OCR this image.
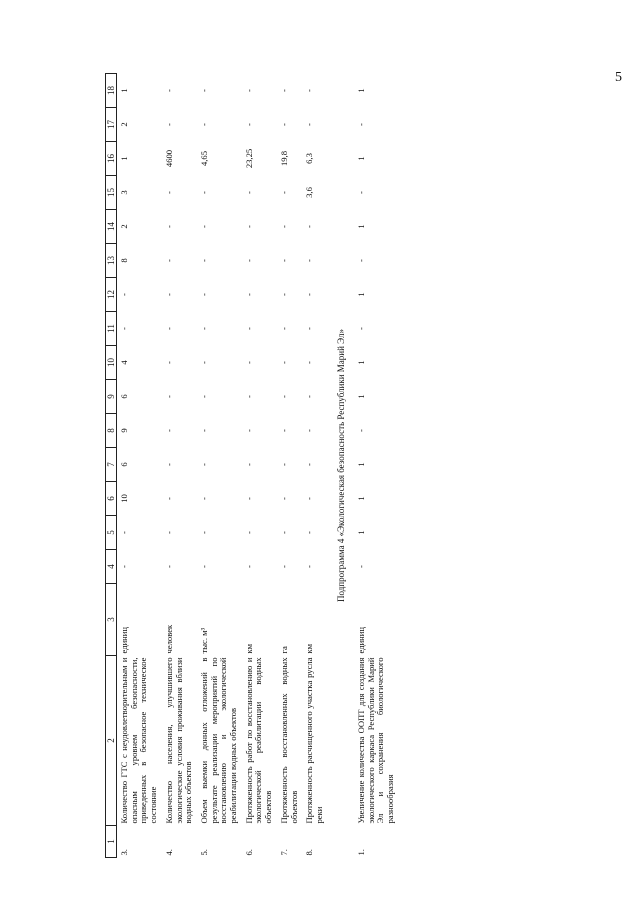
5
1	2	3	4	5	6	7	8	9	10	11	12	13	14	15	16	17	18
3.	Количество ГТС с неудовлетворительным и опасным уровнем безопасности, приведенных в безопасное техническое состояние	единиц	-	-	10	6	9	6	4	-	-	8	2	3	1	2	1
4.	Количество населения, улучшившего экологические условия проживания вблизи водных объектов	человек	-	-	-	-	-	-	-	-	-	-	-	-	4600	-	-
5.	Объем выемки донных отложений в результате реализации мероприятий по восстановлению и экологической реабилитации водных объектов	тыс. м³	-	-	-	-	-	-	-	-	-	-	-	-	4,65	-	-
6.	Протяженность работ по восстановлению и экологической реабилитации водных объектов	км	-	-	-	-	-	-	-	-	-	-	-	-	23,25	-	-
7.	Протяженность восстановленных водных объектов	га	-	-	-	-	-	-	-	-	-	-	-	-	19,8	-	-
8.	Протяженность расчищенного участка русла реки	км	-	-	-	-	-	-	-	-	-	-	-	3,6	6,3	-	-
Подпрограмма 4 «Экологическая безопасность Республики Марий Эл»																	
1.	Увеличение количества ООПТ для создания экологического каркаса Республики Марий Эл и сохранения биологического разнообразия	единиц	-	1	1	1	-	1	1	-	1	-	1	-	1	-	1
